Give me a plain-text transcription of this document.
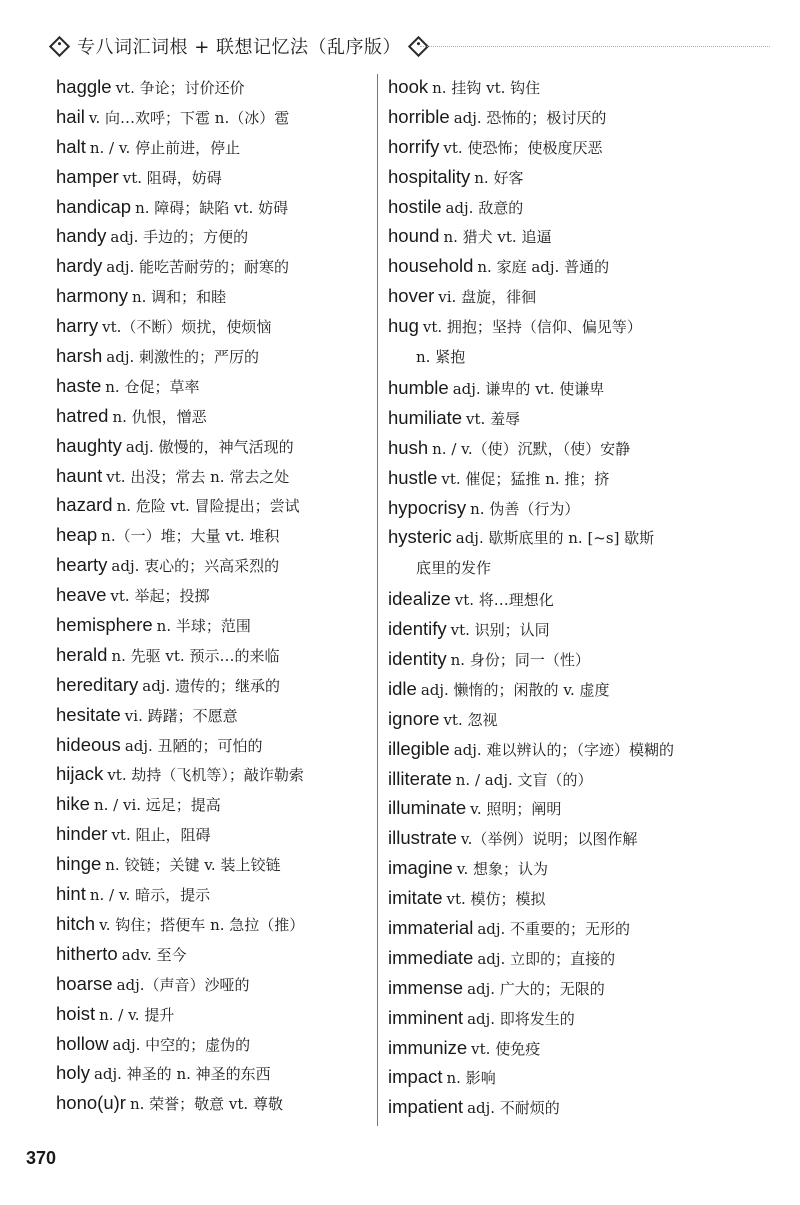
专八词汇词根 + 联想记忆法（乱序版）
haggle vt. 争论；讨价还价
hail v. 向…欢呼；下雹 n.（冰）雹
halt n. / v. 停止前进，停止
hamper vt. 阻碍，妨碍
handicap n. 障碍；缺陷 vt. 妨碍
handy adj. 手边的；方便的
hardy adj. 能吃苦耐劳的；耐寒的
harmony n. 调和；和睦
harry vt.（不断）烦扰，使烦恼
harsh adj. 刺激性的；严厉的
haste n. 仓促；草率
hatred n. 仇恨，憎恶
haughty adj. 傲慢的，神气活现的
haunt vt. 出没；常去 n. 常去之处
hazard n. 危险 vt. 冒险提出；尝试
heap n.（一）堆；大量 vt. 堆积
hearty adj. 衷心的；兴高采烈的
heave vt. 举起；投掷
hemisphere n. 半球；范围
herald n. 先驱 vt. 预示…的来临
hereditary adj. 遗传的；继承的
hesitate vi. 踌躇；不愿意
hideous adj. 丑陋的；可怕的
hijack vt. 劫持（飞机等）；敲诈勒索
hike n. / vi. 远足；提高
hinder vt. 阻止，阻碍
hinge n. 铰链；关键 v. 装上铰链
hint n. / v. 暗示，提示
hitch v. 钩住；搭便车 n. 急拉（推）
hitherto adv. 至今
hoarse adj.（声音）沙哑的
hoist n. / v. 提升
hollow adj. 中空的；虚伪的
holy adj. 神圣的 n. 神圣的东西
hono(u)r n. 荣誉；敬意 vt. 尊敬
hook n. 挂钩 vt. 钩住
horrible adj. 恐怖的；极讨厌的
horrify vt. 使恐怖；使极度厌恶
hospitality n. 好客
hostile adj. 敌意的
hound n. 猎犬 vt. 追逼
household n. 家庭 adj. 普通的
hover vi. 盘旋，徘徊
hug vt. 拥抱；坚持（信仰、偏见等）
n. 紧抱
humble adj. 谦卑的 vt. 使谦卑
humiliate vt. 羞辱
hush n. / v.（使）沉默，（使）安静
hustle vt. 催促；猛推 n. 推；挤
hypocrisy n. 伪善（行为）
hysteric adj. 歇斯底里的 n. [~s] 歇斯
底里的发作
idealize vt. 将…理想化
identify vt. 识别；认同
identity n. 身份；同一（性）
idle adj. 懒惰的；闲散的 v. 虚度
ignore vt. 忽视
illegible adj. 难以辨认的；（字迹）模糊的
illiterate n. / adj. 文盲（的）
illuminate v. 照明；阐明
illustrate v.（举例）说明；以图作解
imagine v. 想象；认为
imitate vt. 模仿；模拟
immaterial adj. 不重要的；无形的
immediate adj. 立即的；直接的
immense adj. 广大的；无限的
imminent adj. 即将发生的
immunize vt. 使免疫
impact n. 影响
impatient adj. 不耐烦的
370
